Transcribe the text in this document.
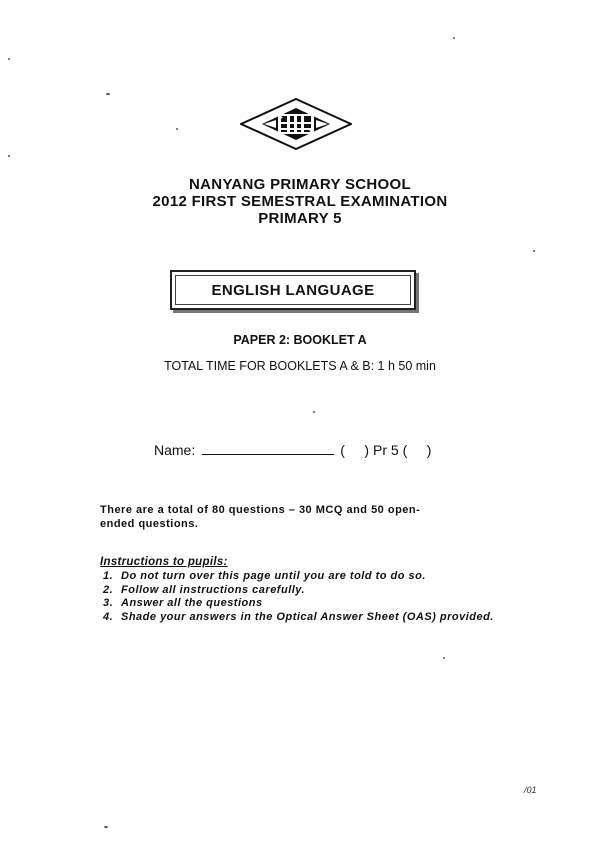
NANYANG PRIMARY SCHOOL
2012 FIRST SEMESTRAL EXAMINATION
PRIMARY 5
ENGLISH LANGUAGE
PAPER 2: BOOKLET A
TOTAL TIME FOR BOOKLETS A & B: 1 h 50 min
Name:	(     ) Pr 5 (     )
There are a total of 80 questions – 30 MCQ and 50 open-ended questions.
Instructions to pupils:
1. Do not turn over this page until you are told to do so.
2. Follow all instructions carefully.
3. Answer all the questions
4. Shade your answers in the Optical Answer Sheet (OAS) provided.
/01
